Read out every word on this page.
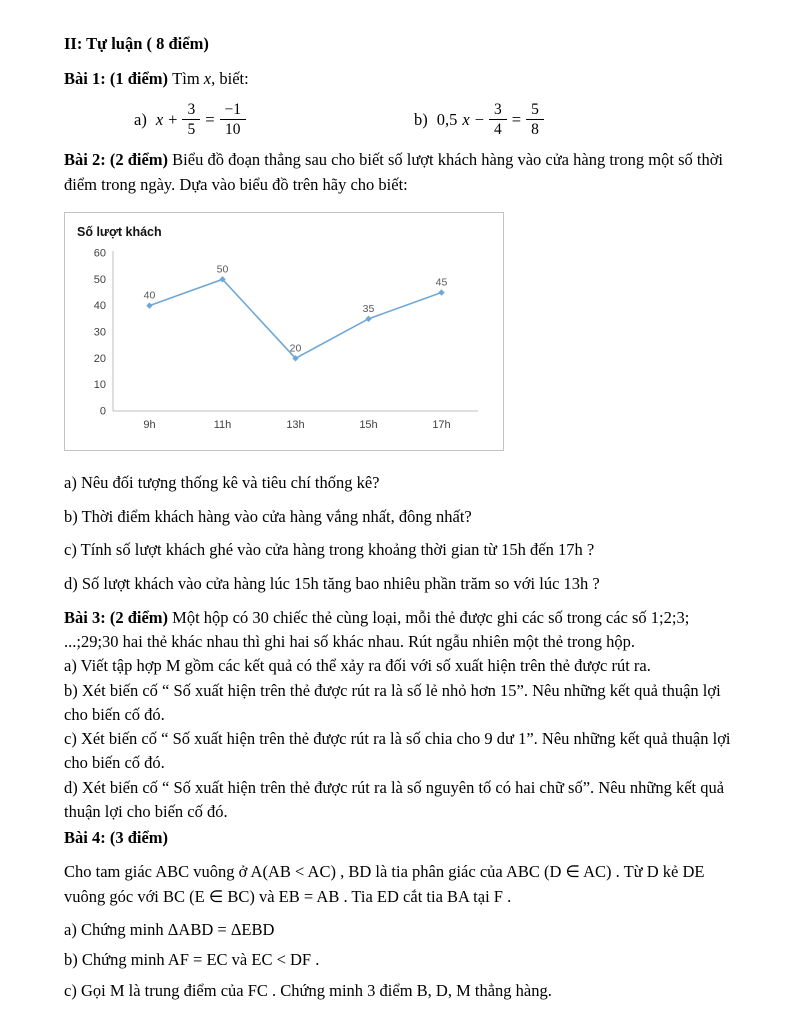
II: Tự luận ( 8 điểm)
Bài 1: (1 điểm) Tìm x, biết:
a) $x + \frac{3}{5} = \frac{-1}{10}$	b) 0,5 $x - \frac{3}{4} = \frac{5}{8}$
Bài 2: (2 điểm) Biểu đồ đoạn thẳng sau cho biết số lượt khách hàng vào cửa hàng trong một số thời điểm trong ngày. Dựa vào biểu đồ trên hãy cho biết:
Số lượt khách
0
10
20
30
40
50
60
9h	11h	13h	15h	17h
40
50
20
35
45
a) Nêu đối tượng thống kê và tiêu chí thống kê?
b) Thời điểm khách hàng vào cửa hàng vắng nhất, đông nhất?
c) Tính số lượt khách ghé vào cửa hàng trong khoảng thời gian từ 15h đến 17h ?
d) Số lượt khách vào cửa hàng lúc 15h tăng bao nhiêu phần trăm so với lúc 13h ?
Bài 3: (2 điểm) Một hộp có 30 chiếc thẻ cùng loại, mỗi thẻ được ghi các số trong các số 1;2;3; ...;29;30 hai thẻ khác nhau thì ghi hai số khác nhau. Rút ngẫu nhiên một thẻ trong hộp.
a) Viết tập hợp M gồm các kết quả có thể xảy ra đối với số xuất hiện trên thẻ được rút ra.
b) Xét biến cố “ Số xuất hiện trên thẻ được rút ra là số lẻ nhỏ hơn 15”. Nêu những kết quả thuận lợi cho biến cố đó.
c) Xét biến cố “ Số xuất hiện trên thẻ được rút ra là số chia cho 9 dư 1”. Nêu những kết quả thuận lợi cho biến cố đó.
d) Xét biến cố “ Số xuất hiện trên thẻ được rút ra là số nguyên tố có hai chữ số”. Nêu những kết quả thuận lợi cho biến cố đó.
Bài 4: (3 điểm)
Cho tam giác ABC vuông ở A(AB < AC) , BD là tia phân giác của ABC (D ∈ AC) . Từ D kẻ DE vuông góc với BC (E ∈ BC) và EB = AB . Tia ED cắt tia BA tại F .
a) Chứng minh ΔABD = ΔEBD
b) Chứng minh AF = EC và EC < DF .
c) Gọi M là trung điểm của FC . Chứng minh 3 điểm B, D, M thẳng hàng.
